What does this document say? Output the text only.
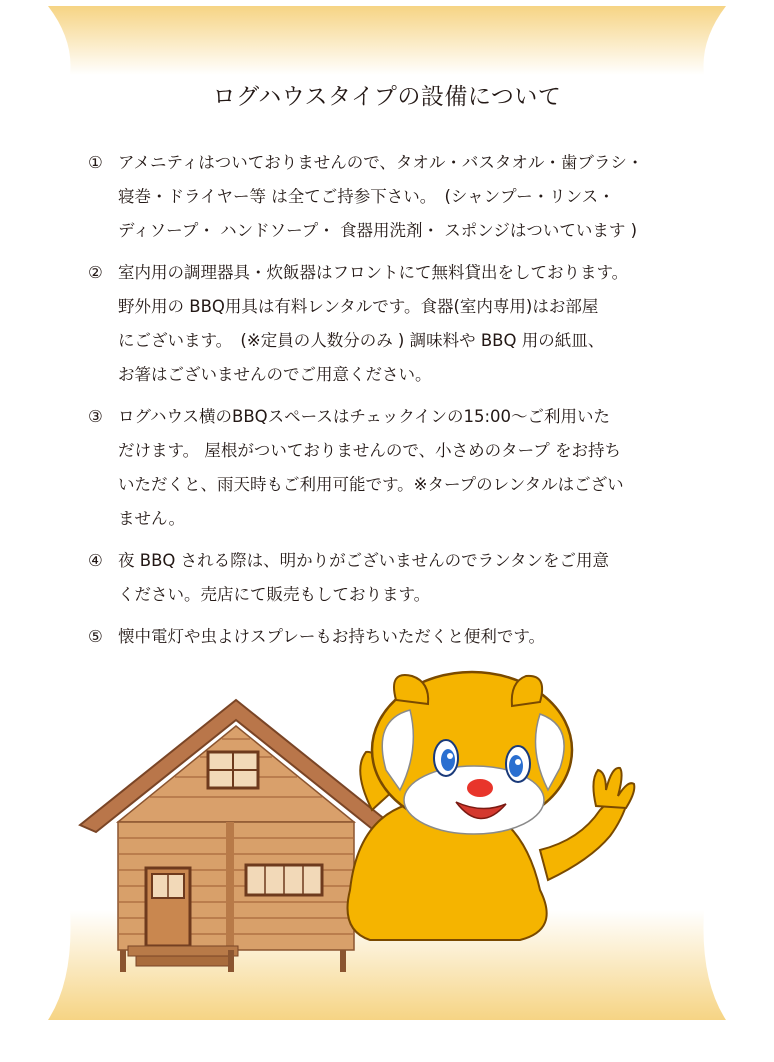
ログハウスタイプの設備について
① アメニティはついておりませんので、タオル・バスタオル・歯ブラシ・
寝巻・ドライヤー等 は全てご持参下さい。　(シャンプー・リンス・
ディソープ・ ハンドソープ・ 食器用洗剤・ スポンジはついています )
② 室内用の調理器具・炊飯器はフロントにて無料貸出をしております。
野外用の BBQ用具は有料レンタルです。食器(室内専用)はお部屋
にございます。　(※定員の人数分のみ ) 調味料や BBQ 用の紙皿、
お箸はございませんのでご用意ください。
③ ログハウス横のBBQスペースはチェックインの15:00～ご利用いた
だけます。 屋根がついておりませんので、小さめのタープ をお持ち
いただくと、雨天時もご利用可能です。※タープのレンタルはござい
ません。
④ 夜 BBQ される際は、明かりがございませんのでランタンをご用意
ください。売店にて販売もしております。
⑤ 懐中電灯や虫よけスプレーもお持ちいただくと便利です。
